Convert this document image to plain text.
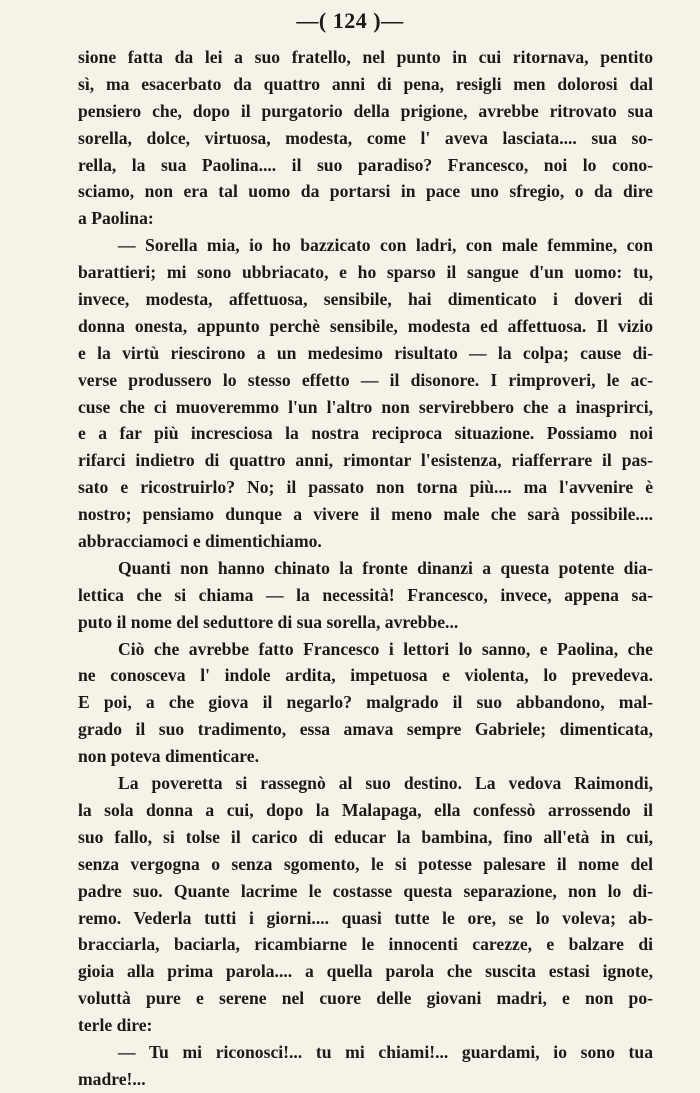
—( 124 )—
sione fatta da lei a suo fratello, nel punto in cui ritornava, pentito
sì, ma esacerbato da quattro anni di pena, resigli men dolorosi dal
pensiero che, dopo il purgatorio della prigione, avrebbe ritrovato sua
sorella, dolce, virtuosa, modesta, come l' aveva lasciata.... sua so-
rella, la sua Paolina.... il suo paradiso? Francesco, noi lo cono-
sciamo, non era tal uomo da portarsi in pace uno sfregio, o da dire
a Paolina:
— Sorella mia, io ho bazzicato con ladri, con male femmine, con
barattieri; mi sono ubbriacato, e ho sparso il sangue d'un uomo: tu,
invece, modesta, affettuosa, sensibile, hai dimenticato i doveri di
donna onesta, appunto perchè sensibile, modesta ed affettuosa. Il vizio
e la virtù riescirono a un medesimo risultato — la colpa; cause di-
verse produssero lo stesso effetto — il disonore. I rimproveri, le ac-
cuse che ci muoveremmo l'un l'altro non servirebbero che a inasprirci,
e a far più incresciosa la nostra reciproca situazione. Possiamo noi
rifarci indietro di quattro anni, rimontar l'esistenza, riafferrare il pas-
sato e ricostruirlo? No; il passato non torna più.... ma l'avvenire è
nostro; pensiamo dunque a vivere il meno male che sarà possibile....
abbracciamoci e dimentichiamo.
Quanti non hanno chinato la fronte dinanzi a questa potente dia-
lettica che si chiama — la necessità! Francesco, invece, appena sa-
puto il nome del seduttore di sua sorella, avrebbe...
Ciò che avrebbe fatto Francesco i lettori lo sanno, e Paolina, che
ne conosceva l' indole ardita, impetuosa e violenta, lo prevedeva.
E poi, a che giova il negarlo? malgrado il suo abbandono, mal-
grado il suo tradimento, essa amava sempre Gabriele; dimenticata,
non poteva dimenticare.
La poveretta si rassegnò al suo destino. La vedova Raimondi,
la sola donna a cui, dopo la Malapaga, ella confessò arrossendo il
suo fallo, si tolse il carico di educar la bambina, fino all'età in cui,
senza vergogna o senza sgomento, le si potesse palesare il nome del
padre suo. Quante lacrime le costasse questa separazione, non lo di-
remo. Vederla tutti i giorni.... quasi tutte le ore, se lo voleva; ab-
bracciarla, baciarla, ricambiarne le innocenti carezze, e balzare di
gioia alla prima parola.... a quella parola che suscita estasi ignote,
voluttà pure e serene nel cuore delle giovani madri, e non po-
terle dire:
— Tu mi riconosci!... tu mi chiami!... guardami, io sono tua
madre!...
